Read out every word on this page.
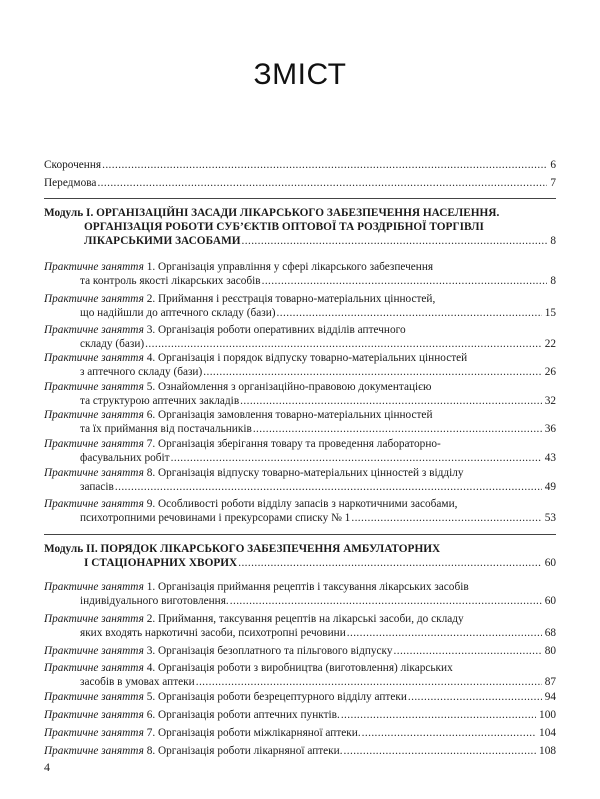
ЗМІСТ
Скорочення .....	6
Передмова .....	7
Модуль І. ОРГАНІЗАЦІЙНІ ЗАСАДИ ЛІКАРСЬКОГО ЗАБЕЗПЕЧЕННЯ НАСЕЛЕННЯ.
ОРГАНІЗАЦІЯ РОБОТИ СУБ’ЄКТІВ ОПТОВОЇ ТА РОЗДРІБНОЇ ТОРГІВЛІ
ЛІКАРСЬКИМИ ЗАСОБАМИ .....	8
Практичне заняття 1. Організація управління у сфері лікарського забезпечення
та контроль якості лікарських засобів .....	8
Практичне заняття 2. Приймання і реєстрація товарно-матеріальних цінностей,
що надійшли до аптечного складу (бази) .....	15
Практичне заняття 3. Організація роботи оперативних відділів аптечного
складу (бази) .....	22
Практичне заняття 4. Організація і порядок відпуску товарно-матеріальних цінностей
з аптечного складу (бази) .....	26
Практичне заняття 5. Ознайомлення з організаційно-правовою документацією
та структурою аптечних закладів .....	32
Практичне заняття 6. Організація замовлення товарно-матеріальних цінностей
та їх приймання від постачальників .....	36
Практичне заняття 7. Організація зберігання товару та проведення лабораторно-
фасувальних робіт .....	43
Практичне заняття 8. Організація відпуску товарно-матеріальних цінностей з відділу
запасів .....	49
Практичне заняття 9. Особливості роботи відділу запасів з наркотичними засобами,
психотропними речовинами і прекурсорами списку № 1 .....	53
Модуль ІІ. ПОРЯДОК ЛІКАРСЬКОГО ЗАБЕЗПЕЧЕННЯ АМБУЛАТОРНИХ
І СТАЦІОНАРНИХ ХВОРИХ .....	60
Практичне заняття 1. Організація приймання рецептів і таксування лікарських засобів
індивідуального виготовлення. .....	60
Практичне заняття 2. Приймання, таксування рецептів на лікарські засоби, до складу
яких входять наркотичні засоби, психотропні речовини .....	68
Практичне заняття 3. Організація безоплатного та пільгового відпуску .....	80
Практичне заняття 4. Організація роботи з виробництва (виготовлення) лікарських
засобів в умовах аптеки .....	87
Практичне заняття 5. Організація роботи безрецептурного відділу аптеки .....	94
Практичне заняття 6. Організація роботи аптечних пунктів. .....	100
Практичне заняття 7. Організація роботи міжлікарняної аптеки. .....	104
Практичне заняття 8. Організація роботи лікарняної аптеки. .....	108
4
